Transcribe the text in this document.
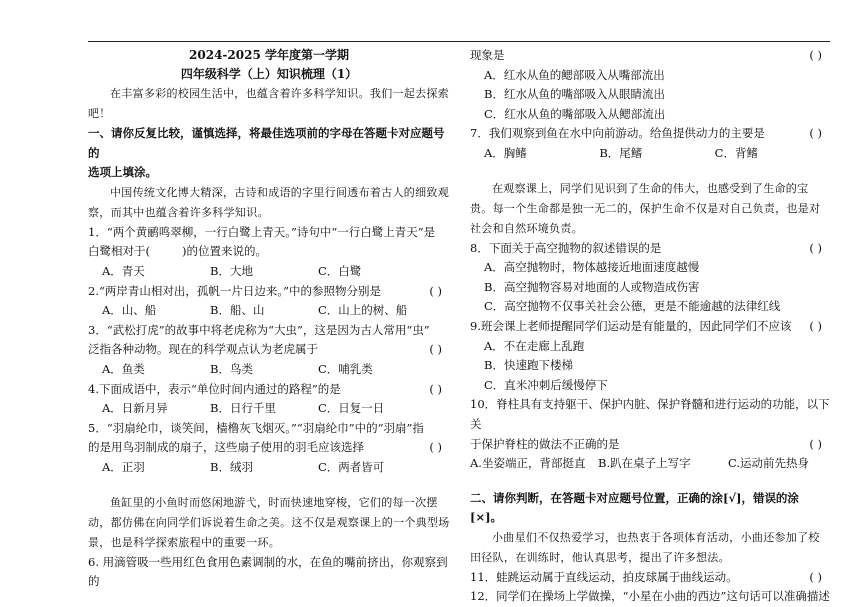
2024-2025 学年度第一学期
四年级科学（上）知识梳理（1）
在丰富多彩的校园生活中，也蕴含着许多科学知识。我们一起去探索吧！
一、请你反复比较，谨慎选择，将最佳选项前的字母在答题卡对应题号的
选项上填涂。
中国传统文化博大精深，古诗和成语的字里行间透布着古人的细致观察，而其中也蕴含着许多科学知识。
1．“两个黄鹂鸣翠柳，一行白鹭上青天。”诗句中“一行白鹭上青天”是
白鹭相对于(	)的位置来说的。
A．青天	B．大地	C．白鹭
2.“两岸青山相对出，孤帆一片日边来。”中的参照物分别是	( )
A．山、船	B．船、山	C．山上的树、船
3．“武松打虎”的故事中将老虎称为“大虫”，这是因为古人常用“虫”
泛指各种动物。现在的科学观点认为老虎属于	( )
A．鱼类	B．鸟类	C．哺乳类
4.下面成语中，表示“单位时间内通过的路程”的是	( )
A．日新月异	B．日行千里	C．日复一日
5．“羽扇纶巾，谈笑间，樯橹灰飞烟灭。”“羽扇纶巾”中的“羽扇”指
的是用鸟羽制成的扇子，这些扇子使用的羽毛应该选择	( )
A．正羽	B．绒羽	C．两者皆可
鱼缸里的小鱼时而悠闲地游弋，时而快速地穿梭，它们的每一次摆动，都仿佛在向同学们诉说着生命之美。这不仅是观察课上的一个典型场景，也是科学探索旅程中的重要一环。
6. 用滴管吸一些用红色食用色素调制的水，在鱼的嘴前挤出，你观察到的
现象是	( )
A．红水从鱼的鳃部吸入从嘴部流出
B．红水从鱼的嘴部吸入从眼睛流出
C．红水从鱼的嘴部吸入从鳃部流出
7．我们观察到鱼在水中向前游动。给鱼提供动力的主要是	( )
A．胸鳍	B．尾鳍	C．背鳍
在观察课上，同学们见识到了生命的伟大，也感受到了生命的宝贵。每一个生命都是独一无二的，保护生命不仅是对自己负责，也是对社会和自然环境负责。
8．下面关于高空抛物的叙述错误的是	( )
A．高空抛物时，物体越接近地面速度越慢
B．高空抛物容易对地面的人或物造成伤害
C．高空抛物不仅事关社会公德，更是不能逾越的法律红线
9.班会课上老师提醒同学们运动是有能量的，因此同学们不应该 ( )
A．不在走廊上乱跑
B．快速跑下楼梯
C．直米冲刺后缓慢停下
10．脊柱具有支持躯干、保护内脏、保护脊髓和进行运动的功能，以下关
于保护脊柱的做法不正确的是	( )
A.坐姿端正，背部挺直	B.趴在桌子上写字	C.运动前先热身
二、请你判断，在答题卡对应题号位置，正确的涂[√]，错误的涂[×]。
小曲星们不仅热爱学习，也热衷于各项体育活动，小曲还参加了校田径队，在训练时，他认真思考，提出了许多想法。
11．蛙跳运动属于直线运动，拍皮球属于曲线运动。	( )
12．同学们在操场上学做操，“小星在小曲的西边”这句话可以准确描述
